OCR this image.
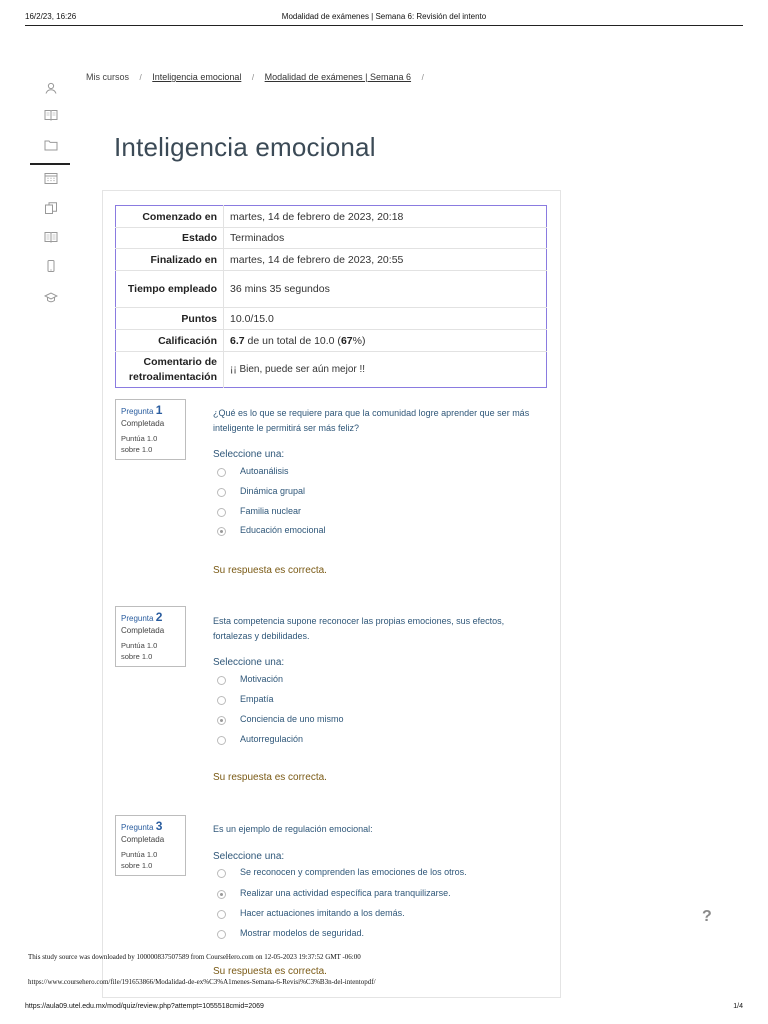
16/2/23, 16:26	Modalidad de exámenes | Semana 6: Revisión del intento
Mis cursos / Inteligencia emocional / Modalidad de exámenes | Semana 6 /
Inteligencia emocional
Comenzado en	martes, 14 de febrero de 2023, 20:18
Estado	Terminados
Finalizado en	martes, 14 de febrero de 2023, 20:55
Tiempo empleado	36 mins 35 segundos
Puntos	10.0/15.0
Calificación	6.7 de un total de 10.0 (67%)
Comentario de retroalimentación	¡¡ Bien, puede ser aún mejor !!
Pregunta 1
Completada
Puntúa 1.0 sobre 1.0
¿Qué es lo que se requiere para que la comunidad logre aprender que ser más inteligente le permitirá ser más feliz?
Seleccione una:
Autoanálisis
Dinámica grupal
Familia nuclear
Educación emocional
Su respuesta es correcta.
Pregunta 2
Completada
Puntúa 1.0 sobre 1.0
Esta competencia supone reconocer las propias emociones, sus efectos, fortalezas y debilidades.
Seleccione una:
Motivación
Empatía
Conciencia de uno mismo
Autorregulación
Su respuesta es correcta.
Pregunta 3
Completada
Puntúa 1.0 sobre 1.0
Es un ejemplo de regulación emocional:
Seleccione una:
Se reconocen y comprenden las emociones de los otros.
Realizar una actividad específica para tranquilizarse.
Hacer actuaciones imitando a los demás.
Mostrar modelos de seguridad.
Su respuesta es correcta.
This study source was downloaded by 100000837507589 from CourseHero.com on 12-05-2023 19:37:52 GMT -06:00
https://www.coursehero.com/file/191653866/Modalidad-de-ex%C3%A1menes-Semana-6-Revisi%C3%B3n-del-intentopdf/
?
https://aula09.utel.edu.mx/mod/quiz/review.php?attempt=1055518cmid=2069	1/4
